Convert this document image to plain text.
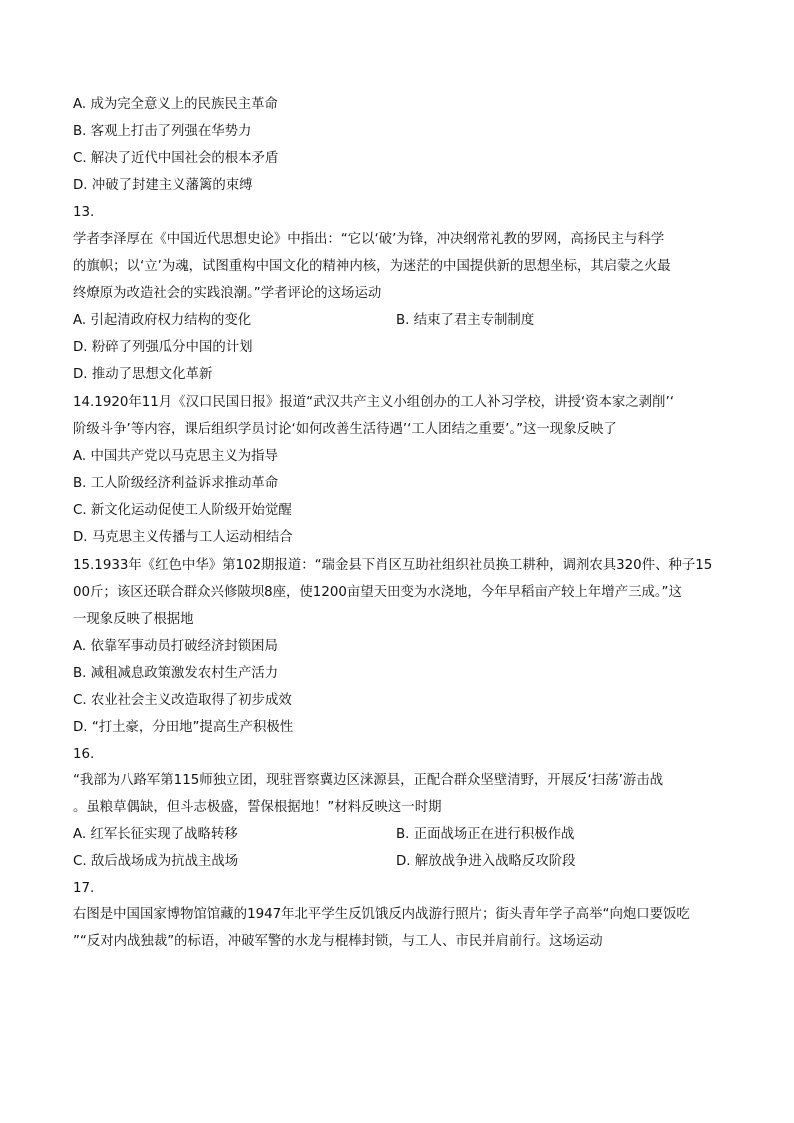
A. 成为完全意义上的民族民主革命
B. 客观上打击了列强在华势力
C. 解决了近代中国社会的根本矛盾
D. 冲破了封建主义藩篱的束缚
13.
学者李泽厚在《中国近代思想史论》中指出：“它以‘破’为锋，冲决纲常礼教的罗网，高扬民主与科学
的旗帜；以‘立’为魂，试图重构中国文化的精神内核，为迷茫的中国提供新的思想坐标，其启蒙之火最
终燎原为改造社会的实践浪潮。”学者评论的这场运动
A. 引起清政府权力结构的变化	B. 结束了君主专制制度
D. 粉碎了列强瓜分中国的计划
D. 推动了思想文化革新
14.1920年11月《汉口民国日报》报道“武汉共产主义小组创办的工人补习学校，讲授‘资本家之剥削’‘
阶级斗争’等内容，课后组织学员讨论‘如何改善生活待遇’‘工人团结之重要’。”这一现象反映了
A. 中国共产党以马克思主义为指导
B. 工人阶级经济利益诉求推动革命
C. 新文化运动促使工人阶级开始觉醒
D. 马克思主义传播与工人运动相结合
15.1933年《红色中华》第102期报道：“瑞金县下肖区互助社组织社员换工耕种，调剂农具320件、种子15
00斤；该区还联合群众兴修陂坝8座，使1200亩望天田变为水浇地，今年早稻亩产较上年增产三成。”这
一现象反映了根据地
A. 依靠军事动员打破经济封锁困局
B. 减租减息政策激发农村生产活力
C. 农业社会主义改造取得了初步成效
D. “打土豪，分田地”提高生产积极性
16.
“我部为八路军第115师独立团，现驻晋察冀边区涞源县，正配合群众坚壁清野，开展反‘扫荡’游击战
。虽粮草偶缺，但斗志极盛，誓保根据地！”材料反映这一时期
A. 红军长征实现了战略转移	B. 正面战场正在进行积极作战
C. 敌后战场成为抗战主战场	D. 解放战争进入战略反攻阶段
17.
右图是中国国家博物馆馆藏的1947年北平学生反饥饿反内战游行照片；街头青年学子高举“向炮口要饭吃
”“反对内战独裁”的标语，冲破军警的水龙与棍棒封锁，与工人、市民并肩前行。这场运动
